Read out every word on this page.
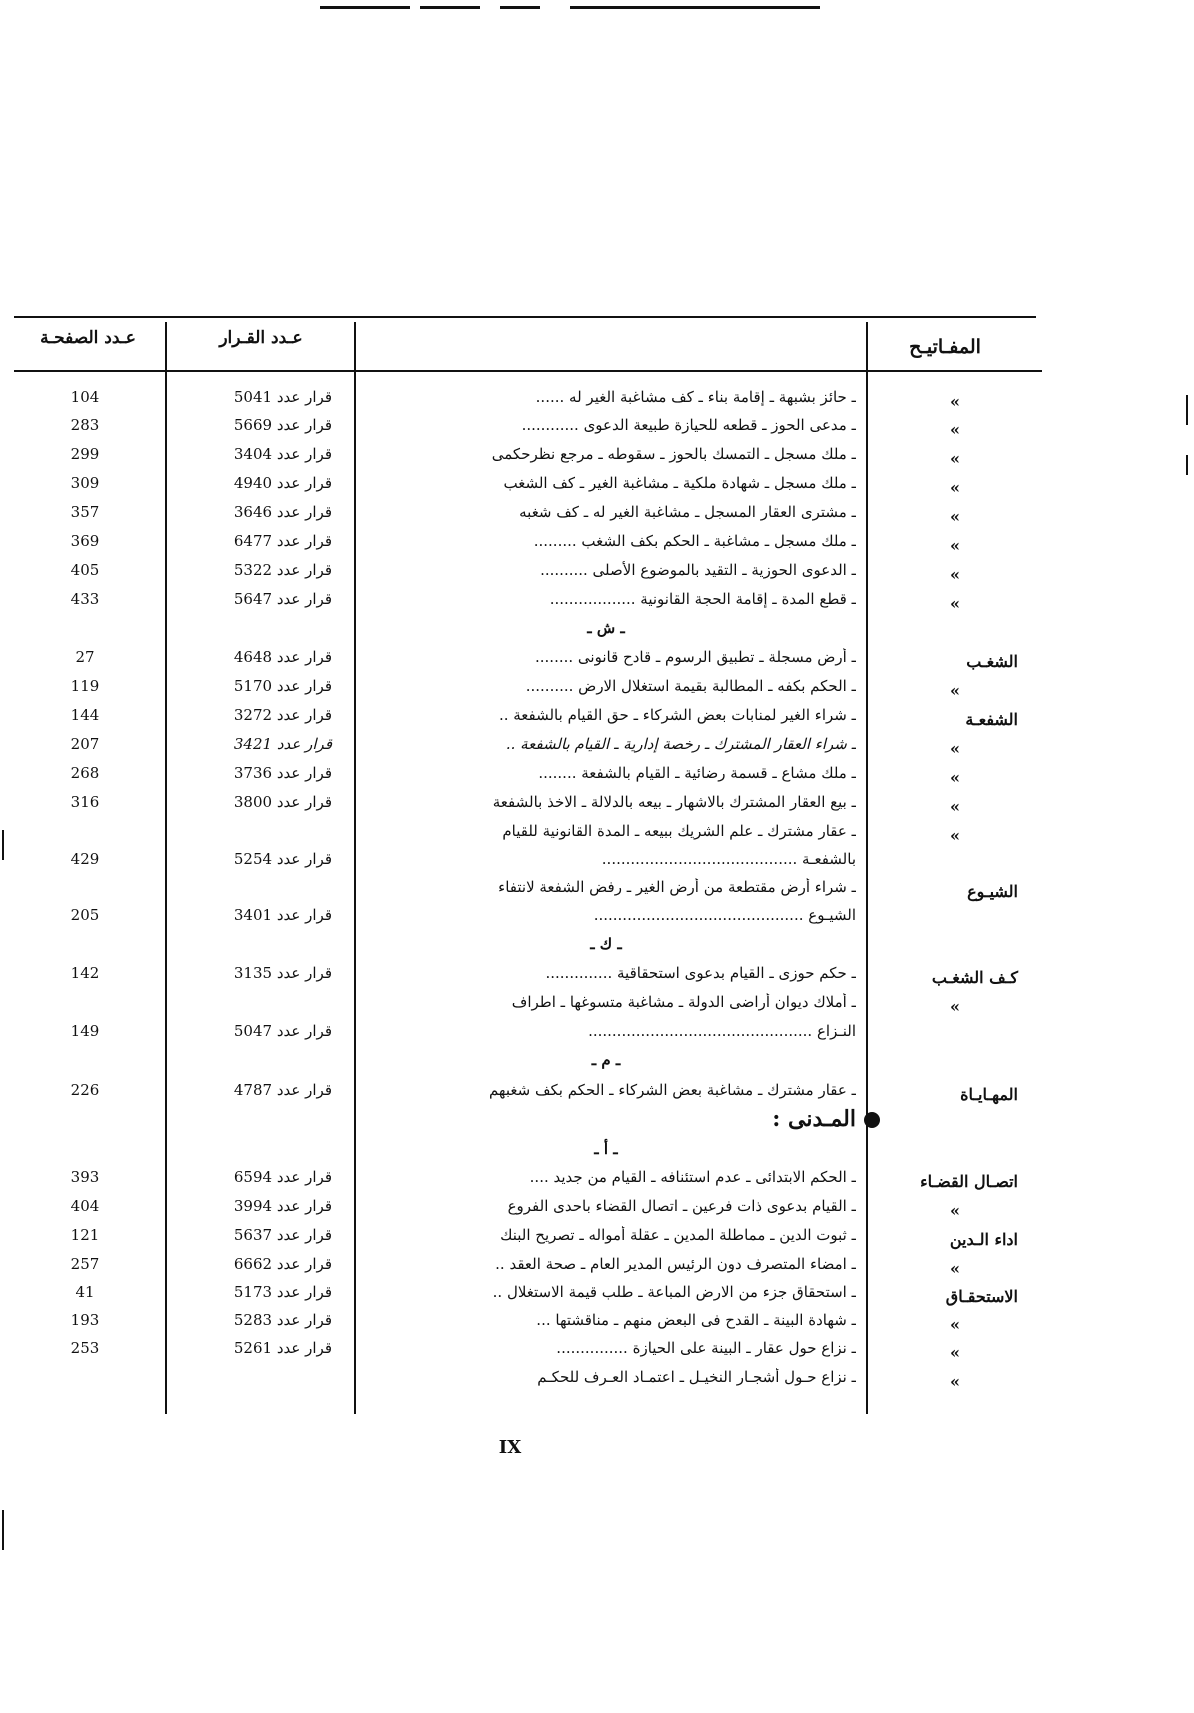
عـدد الصفحـة	عـدد القـرار	المفـاتيـح
»
ـ حائز بشبهة ـ إقامة بناء ـ كف مشاغبة الغير له ......
قرار عدد 5041
104
»
ـ مدعى الحوز ـ قطعه للحيازة طبيعة الدعوى ............
قرار عدد 5669
283
»
ـ ملك مسجل ـ التمسك بالحوز ـ سقوطه ـ مرجع نظرحكمى
قرار عدد 3404
299
»
ـ ملك مسجل ـ شهادة ملكية ـ مشاغبة الغير ـ كف الشغب
قرار عدد 4940
309
»
ـ مشترى العقار المسجل ـ مشاغبة الغير له ـ كف شغبه
قرار عدد 3646
357
»
ـ ملك مسجل ـ مشاغبة ـ الحكم بكف الشغب .........
قرار عدد 6477
369
»
ـ الدعوى الحوزية ـ التقيد بالموضوع الأصلى ..........
قرار عدد 5322
405
»
ـ قطع المدة ـ إقامة الحجة القانونية ..................
قرار عدد 5647
433
ـ ش ـ
الشغـب
ـ أرض مسجلة ـ تطبيق الرسوم ـ قادح قانونى ........
قرار عدد 4648
27
»
ـ الحكم بكفه ـ المطالبة بقيمة استغلال الارض ..........
قرار عدد 5170
119
الشفعـة
ـ شراء الغير لمنابات بعض الشركاء ـ حق القيام بالشفعة ..
قرار عدد 3272
144
»
ـ شراء العقار المشترك ـ رخصة إدارية ـ القيام بالشفعة ..
قرار عدد 3421
207
»
ـ ملك مشاع ـ قسمة رضائية ـ القيام بالشفعة ........
قرار عدد 3736
268
»
ـ بيع العقار المشترك بالاشهار ـ بيعه بالدلالة ـ الاخذ بالشفعة
قرار عدد 3800
316
»
ـ عقار مشترك ـ علم الشريك ببيعه ـ المدة القانونية للقيام
بالشفعـة .........................................
قرار عدد 5254
429
الشيـوع
ـ شراء أرض مقتطعة من أرض الغير ـ رفض الشفعة لانتفاء
الشيـوع ............................................
قرار عدد 3401
205
ـ ك ـ
كـف الشغـب
ـ حكم حوزى ـ القيام بدعوى استحقاقية ..............
قرار عدد 3135
142
»
ـ أملاك ديوان أراضى الدولة ـ مشاغبة متسوغها ـ اطراف
النـزاع ...............................................
قرار عدد 5047
149
ـ م ـ
المهـايـاة
ـ عقار مشترك ـ مشاغبة بعض الشركاء ـ الحكم بكف شغبهم
قرار عدد 4787
226
المـدنى :
ـ أ ـ
اتصـال القضـاء
ـ الحكم الابتدائى ـ عدم استئنافه ـ القيام من جديد ....
قرار عدد 6594
393
»
ـ القيام بدعوى ذات فرعين ـ اتصال القضاء باحدى الفروع
قرار عدد 3994
404
اداء الـدين
ـ ثبوت الدين ـ مماطلة المدين ـ عقلة أمواله ـ تصريح البنك
قرار عدد 5637
121
»
ـ امضاء المتصرف دون الرئيس المدير العام ـ صحة العقد ..
قرار عدد 6662
257
الاستحقـاق
ـ استحقاق جزء من الارض المباعة ـ طلب قيمة الاستغلال ..
قرار عدد 5173
41
»
ـ شهادة البينة ـ القدح فى البعض منهم ـ مناقشتها ...
قرار عدد 5283
193
»
ـ نزاع حول عقار ـ البينة على الحيازة ...............
قرار عدد 5261
253
»
ـ نزاع حـول أشجـار النخيـل ـ اعتمـاد العـرف للحكـم
IX
